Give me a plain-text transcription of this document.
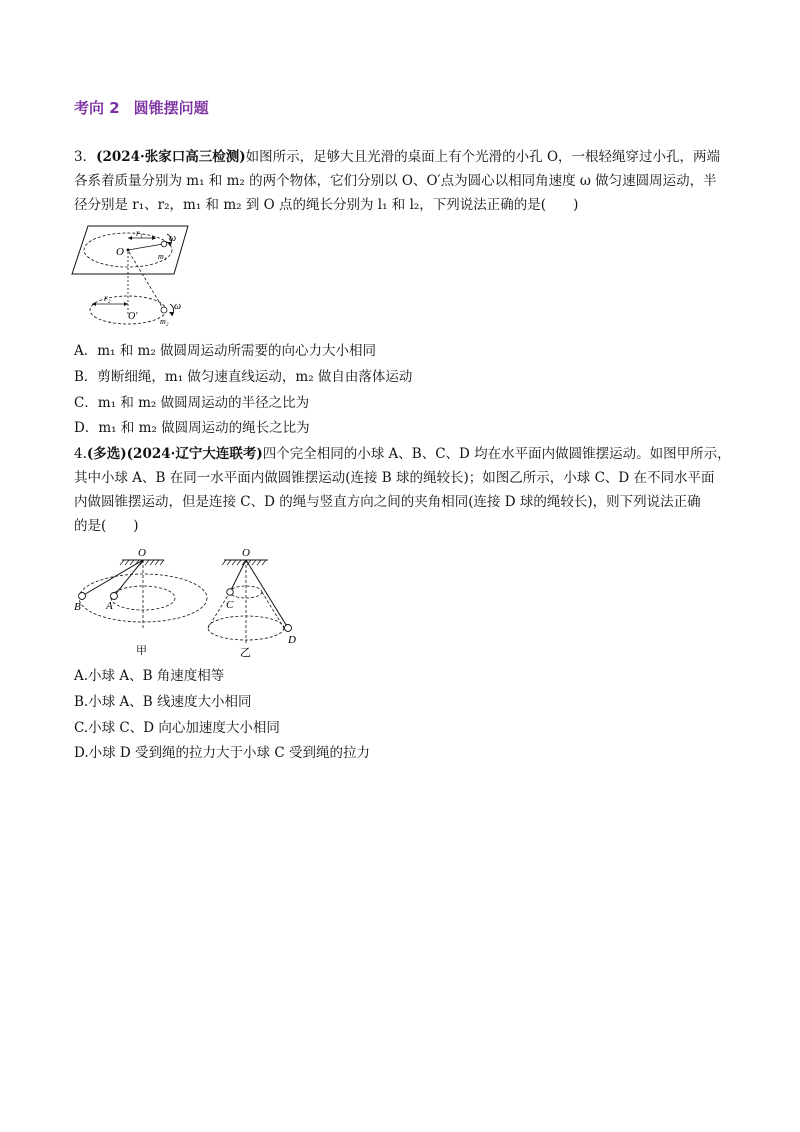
考向 2 圆锥摆问题
3．(2024·张家口高三检测)如图所示，足够大且光滑的桌面上有个光滑的小孔 O，一根轻绳穿过小孔，两端
各系着质量分别为 m₁ 和 m₂ 的两个物体，它们分别以 O、O′点为圆心以相同角速度 ω 做匀速圆周运动，半
径分别是 r₁、r₂，m₁ 和 m₂ 到 O 点的绳长分别为 l₁ 和 l₂，下列说法正确的是(　　)
O
r₁	ω
m₁
r₂
O′
ω
m₂
A．m₁ 和 m₂ 做圆周运动所需要的向心力大小相同
B．剪断细绳，m₁ 做匀速直线运动，m₂ 做自由落体运动
C．m₁ 和 m₂ 做圆周运动的半径之比为
D．m₁ 和 m₂ 做圆周运动的绳长之比为
4.(多选)(2024·辽宁大连联考)四个完全相同的小球 A、B、C、D 均在水平面内做圆锥摆运动。如图甲所示，
其中小球 A、B 在同一水平面内做圆锥摆运动(连接 B 球的绳较长)；如图乙所示，小球 C、D 在不同水平面
内做圆锥摆运动，但是连接 C、D 的绳与竖直方向之间的夹角相同(连接 D 球的绳较长)，则下列说法正确
的是(　　)
O
B A
甲
O
C
D
乙
A.小球 A、B 角速度相等
B.小球 A、B 线速度大小相同
C.小球 C、D 向心加速度大小相同
D.小球 D 受到绳的拉力大于小球 C 受到绳的拉力
